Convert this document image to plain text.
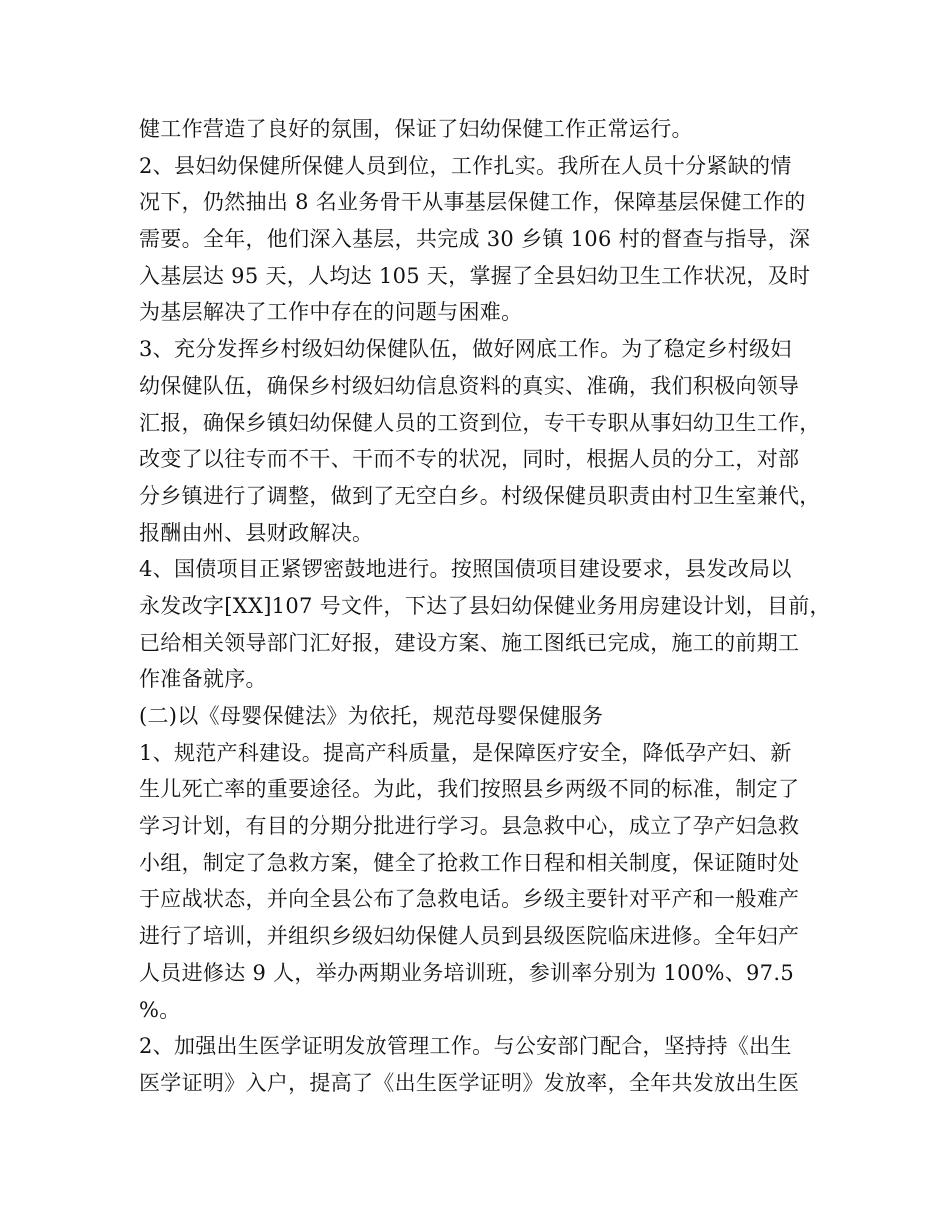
健工作营造了良好的氛围，保证了妇幼保健工作正常运行。
2、县妇幼保健所保健人员到位，工作扎实。我所在人员十分紧缺的情
况下，仍然抽出 8 名业务骨干从事基层保健工作，保障基层保健工作的
需要。全年，他们深入基层，共完成 30 乡镇 106 村的督查与指导，深
入基层达 95 天，人均达 105 天，掌握了全县妇幼卫生工作状况，及时
为基层解决了工作中存在的问题与困难。
3、充分发挥乡村级妇幼保健队伍，做好网底工作。为了稳定乡村级妇
幼保健队伍，确保乡村级妇幼信息资料的真实、准确，我们积极向领导
汇报，确保乡镇妇幼保健人员的工资到位，专干专职从事妇幼卫生工作，
改变了以往专而不干、干而不专的状况，同时，根据人员的分工，对部
分乡镇进行了调整，做到了无空白乡。村级保健员职责由村卫生室兼代，
报酬由州、县财政解决。
4、国债项目正紧锣密鼓地进行。按照国债项目建设要求，县发改局以
永发改字[XX]107 号文件，下达了县妇幼保健业务用房建设计划，目前，
已给相关领导部门汇好报，建设方案、施工图纸已完成，施工的前期工
作准备就序。
(二)以《母婴保健法》为依托，规范母婴保健服务
1、规范产科建设。提高产科质量，是保障医疗安全，降低孕产妇、新
生儿死亡率的重要途径。为此，我们按照县乡两级不同的标准，制定了
学习计划，有目的分期分批进行学习。县急救中心，成立了孕产妇急救
小组，制定了急救方案，健全了抢救工作日程和相关制度，保证随时处
于应战状态，并向全县公布了急救电话。乡级主要针对平产和一般难产
进行了培训，并组织乡级妇幼保健人员到县级医院临床进修。全年妇产
人员进修达 9 人，举办两期业务培训班，参训率分别为 100%、97.5
%。
2、加强出生医学证明发放管理工作。与公安部门配合，坚持持《出生
医学证明》入户，提高了《出生医学证明》发放率，全年共发放出生医
